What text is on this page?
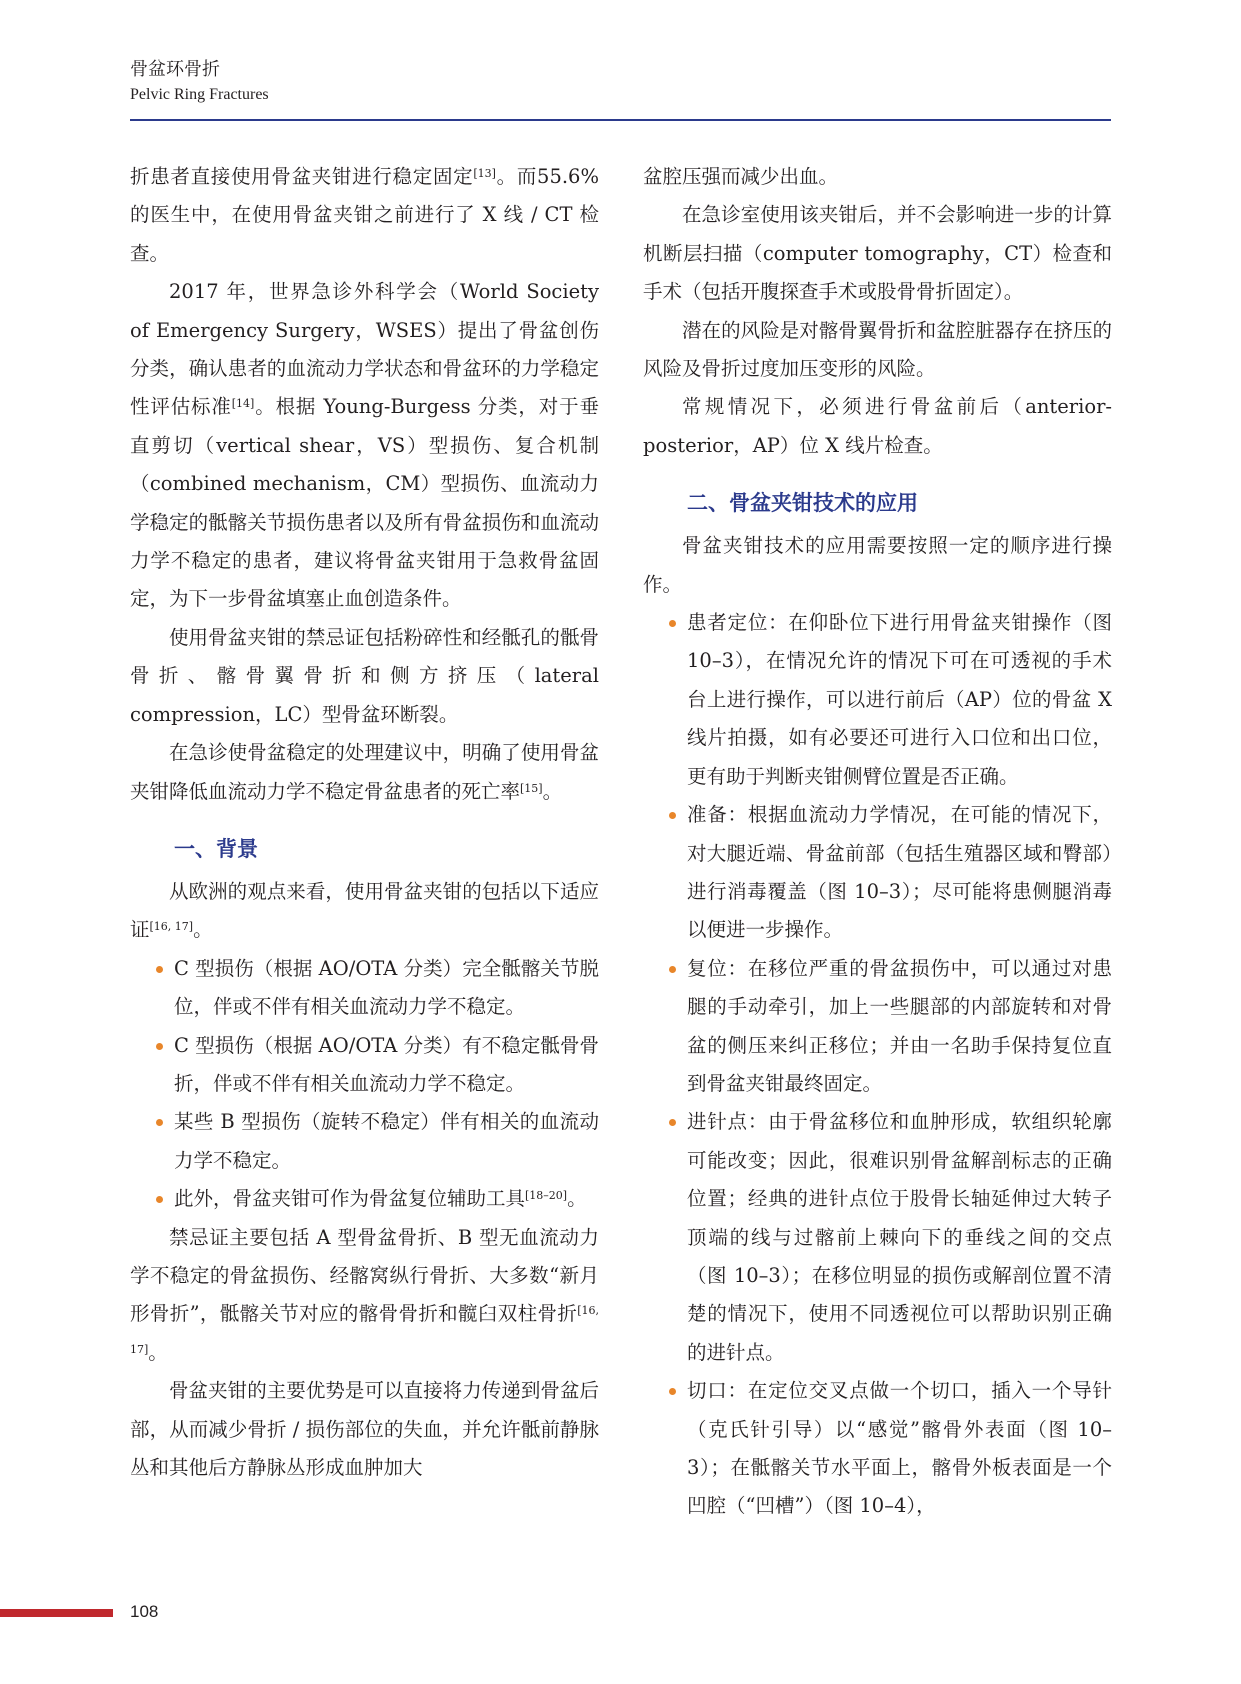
骨盆环骨折
Pelvic Ring Fractures

折患者直接使用骨盆夹钳进行稳定固定[13]。而55.6% 的医生中，在使用骨盆夹钳之前进行了 X 线 / CT 检查。

2017 年，世界急诊外科学会（World Society of Emergency Surgery，WSES）提出了骨盆创伤分类，确认患者的血流动力学状态和骨盆环的力学稳定性评估标准[14]。根据 Young-Burgess 分类，对于垂直剪切（vertical shear，VS）型损伤、复合机制（combined mechanism，CM）型损伤、血流动力学稳定的骶髂关节损伤患者以及所有骨盆损伤和血流动力学不稳定的患者，建议将骨盆夹钳用于急救骨盆固定，为下一步骨盆填塞止血创造条件。

使用骨盆夹钳的禁忌证包括粉碎性和经骶孔的骶骨骨折、髂骨翼骨折和侧方挤压（lateral compression，LC）型骨盆环断裂。

在急诊使骨盆稳定的处理建议中，明确了使用骨盆夹钳降低血流动力学不稳定骨盆患者的死亡率[15]。

一、背景

从欧洲的观点来看，使用骨盆夹钳的包括以下适应证[16, 17]。

C 型损伤（根据 AO/OTA 分类）完全骶髂关节脱位，伴或不伴有相关血流动力学不稳定。
C 型损伤（根据 AO/OTA 分类）有不稳定骶骨骨折，伴或不伴有相关血流动力学不稳定。
某些 B 型损伤（旋转不稳定）伴有相关的血流动力学不稳定。
此外，骨盆夹钳可作为骨盆复位辅助工具[18–20]。

禁忌证主要包括 A 型骨盆骨折、B 型无血流动力学不稳定的骨盆损伤、经髂窝纵行骨折、大多数“新月形骨折”，骶髂关节对应的髂骨骨折和髋臼双柱骨折[16, 17]。

骨盆夹钳的主要优势是可以直接将力传递到骨盆后部，从而减少骨折 / 损伤部位的失血，并允许骶前静脉丛和其他后方静脉丛形成血肿加大

盆腔压强而减少出血。

在急诊室使用该夹钳后，并不会影响进一步的计算机断层扫描（computer tomography，CT）检查和手术（包括开腹探查手术或股骨骨折固定）。

潜在的风险是对髂骨翼骨折和盆腔脏器存在挤压的风险及骨折过度加压变形的风险。

常规情况下，必须进行骨盆前后（anterior-posterior，AP）位 X 线片检查。

二、骨盆夹钳技术的应用

骨盆夹钳技术的应用需要按照一定的顺序进行操作。

患者定位：在仰卧位下进行用骨盆夹钳操作（图 10–3），在情况允许的情况下可在可透视的手术台上进行操作，可以进行前后（AP）位的骨盆 X 线片拍摄，如有必要还可进行入口位和出口位，更有助于判断夹钳侧臂位置是否正确。
准备：根据血流动力学情况，在可能的情况下，对大腿近端、骨盆前部（包括生殖器区域和臀部）进行消毒覆盖（图 10–3）；尽可能将患侧腿消毒以便进一步操作。
复位：在移位严重的骨盆损伤中，可以通过对患腿的手动牵引，加上一些腿部的内部旋转和对骨盆的侧压来纠正移位；并由一名助手保持复位直到骨盆夹钳最终固定。
进针点：由于骨盆移位和血肿形成，软组织轮廓可能改变；因此，很难识别骨盆解剖标志的正确位置；经典的进针点位于股骨长轴延伸过大转子顶端的线与过髂前上棘向下的垂线之间的交点（图 10–3）；在移位明显的损伤或解剖位置不清楚的情况下，使用不同透视位可以帮助识别正确的进针点。
切口：在定位交叉点做一个切口，插入一个导针（克氏针引导）以“感觉”髂骨外表面（图 10–3）；在骶髂关节水平面上，髂骨外板表面是一个凹腔（“凹槽”）（图 10–4），
108
